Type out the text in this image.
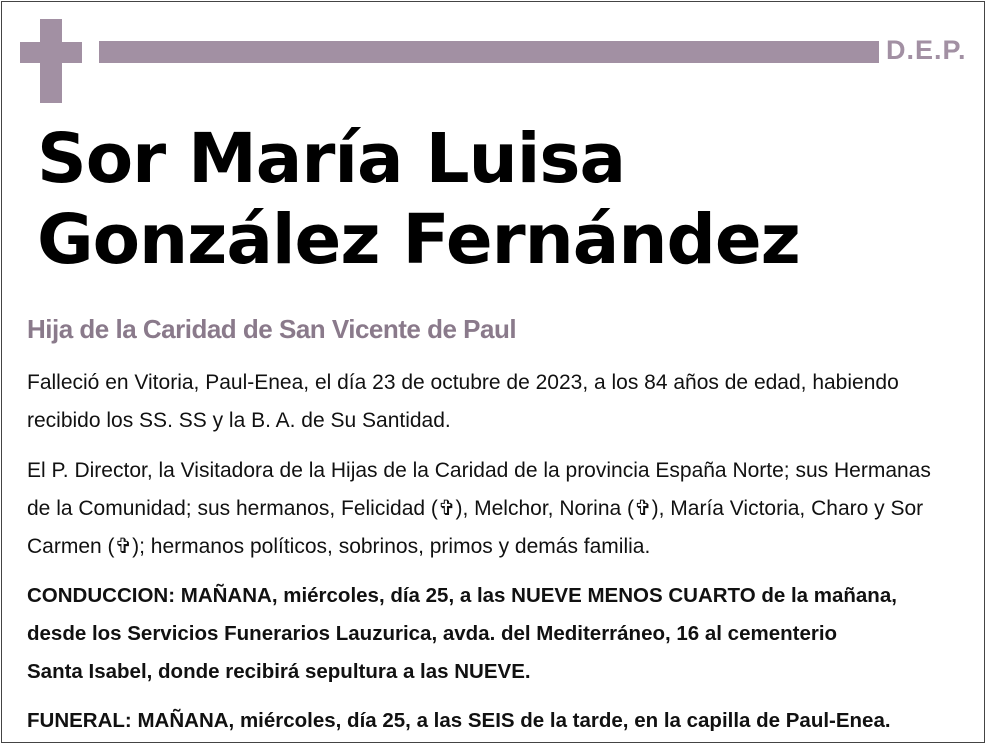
D.E.P.
Sor María Luisa
González Fernández
Hija de la Caridad de San Vicente de Paul

Falleció en Vitoria, Paul-Enea, el día 23 de octubre de 2023, a los 84 años de edad, habiendo
recibido los SS. SS y la B. A. de Su Santidad.

El P. Director, la Visitadora de la Hijas de la Caridad de la provincia España Norte; sus Hermanas
de la Comunidad; sus hermanos, Felicidad (✞), Melchor, Norina (✞), María Victoria, Charo y Sor
Carmen (✞); hermanos políticos, sobrinos, primos y demás familia.

CONDUCCION: MAÑANA, miércoles, día 25, a las NUEVE MENOS CUARTO de la mañana,
desde los Servicios Funerarios Lauzurica, avda. del Mediterráneo, 16 al cementerio
Santa Isabel, donde recibirá sepultura a las NUEVE.

FUNERAL: MAÑANA, miércoles, día 25, a las SEIS de la tarde, en la capilla de Paul-Enea.
